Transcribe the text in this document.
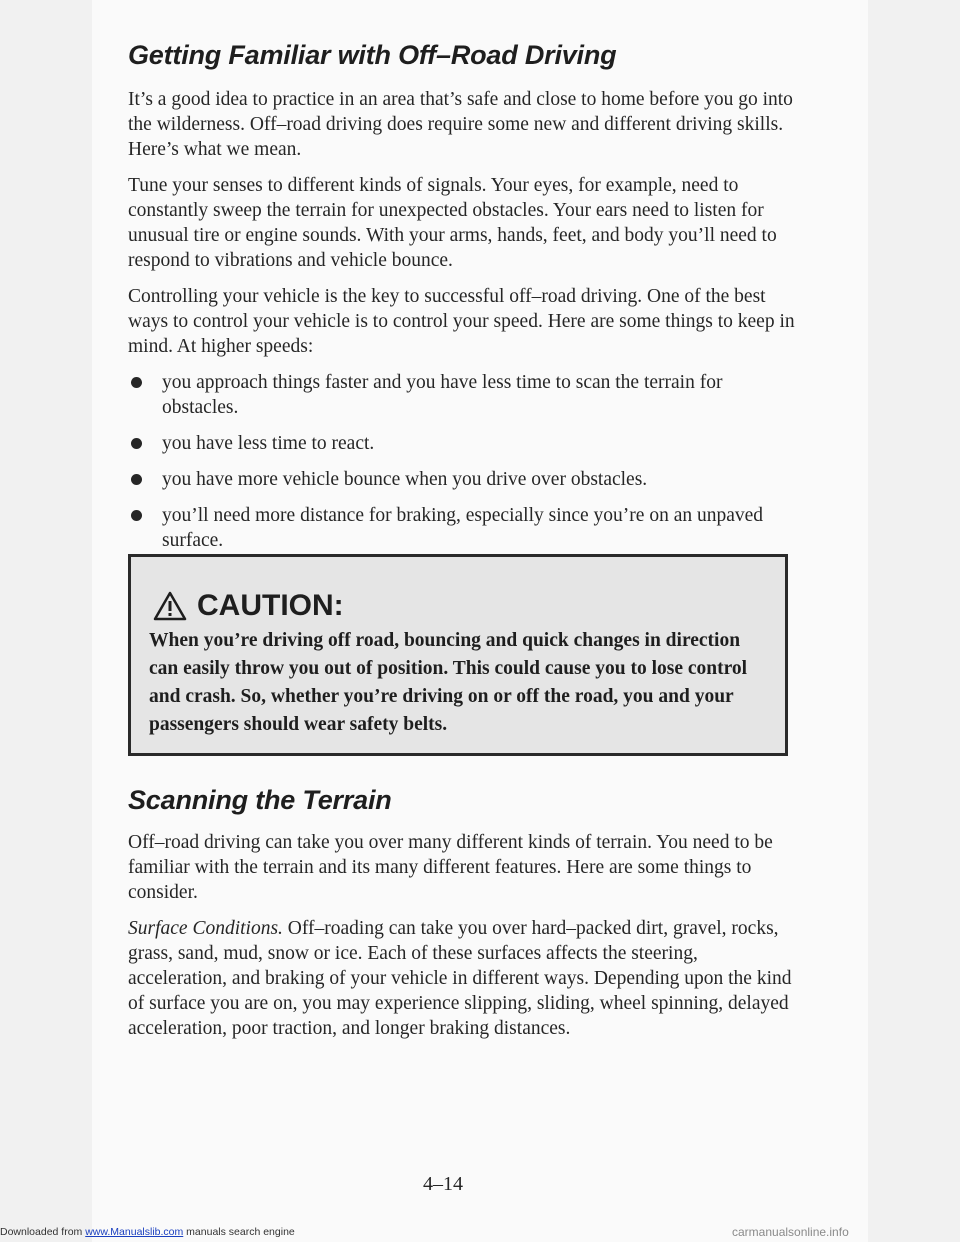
Getting Familiar with Off–Road Driving

It’s a good idea to practice in an area that’s safe and close to home before you go into the wilderness. Off–road driving does require some new and different driving skills. Here’s what we mean.

Tune your senses to different kinds of signals. Your eyes, for example, need to constantly sweep the terrain for unexpected obstacles. Your ears need to listen for unusual tire or engine sounds. With your arms, hands, feet, and body you’ll need to respond to vibrations and vehicle bounce.

Controlling your vehicle is the key to successful off–road driving. One of the best ways to control your vehicle is to control your speed. Here are some things to keep in mind. At higher speeds:

you approach things faster and you have less time to scan the terrain for obstacles.
you have less time to react.
you have more vehicle bounce when you drive over obstacles.
you’ll need more distance for braking, especially since you’re on an unpaved surface.
CAUTION:
When you’re driving off road, bouncing and quick changes in direction can easily throw you out of position. This could cause you to lose control and crash. So, whether you’re driving on or off the road, you and your passengers should wear safety belts.
Scanning the Terrain

Off–road driving can take you over many different kinds of terrain. You need to be familiar with the terrain and its many different features. Here are some things to consider.

Surface Conditions. Off–roading can take you over hard–packed dirt, gravel, rocks, grass, sand, mud, snow or ice. Each of these surfaces affects the steering, acceleration, and braking of your vehicle in different ways. Depending upon the kind of surface you are on, you may experience slipping, sliding, wheel spinning, delayed acceleration, poor traction, and longer braking distances.

4–14
Downloaded from www.Manualslib.com manuals search engine	carmanualsonline.info
